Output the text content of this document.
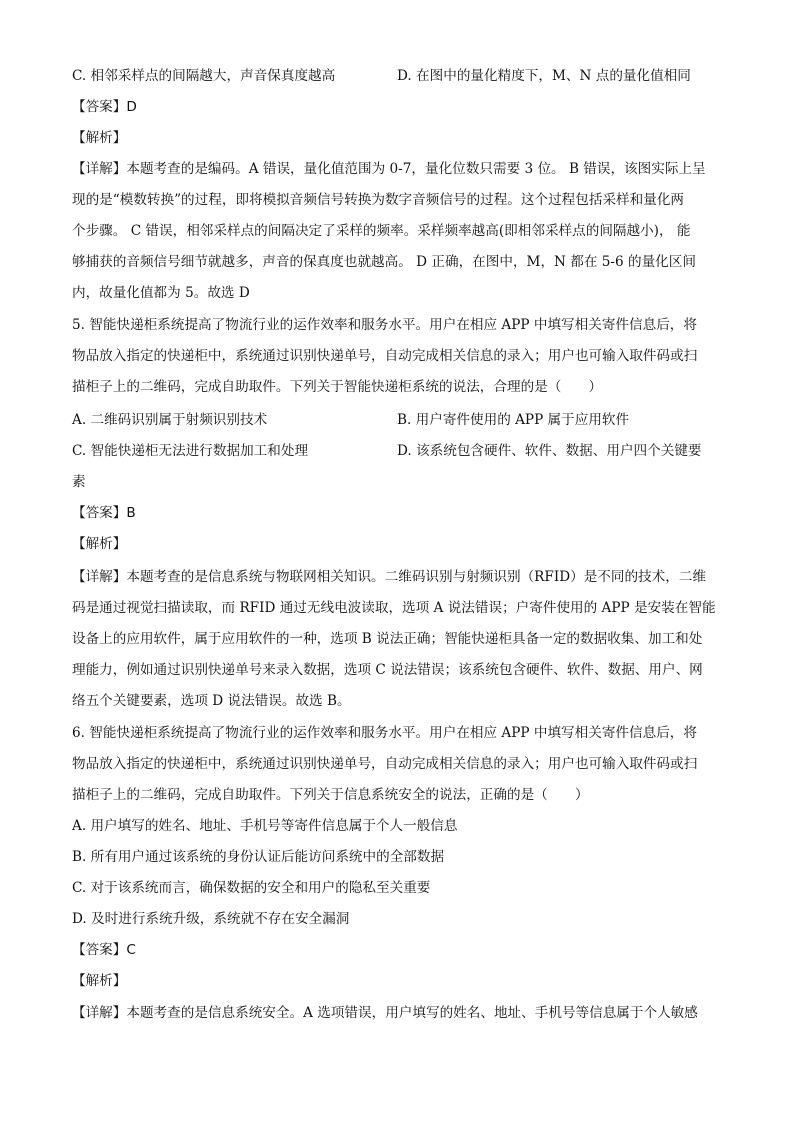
C. 相邻采样点的间隔越大，声音保真度越高	D. 在图中的量化精度下，M、N 点的量化值相同
【答案】D
【解析】
【详解】本题考查的是编码。A 错误，量化值范围为 0-7，量化位数只需要 3 位。 B 错误，该图实际上呈
现的是“模数转换”的过程，即将模拟音频信号转换为数字音频信号的过程。这个过程包括采样和量化两
个步骤。 C 错误，相邻采样点的间隔决定了采样的频率。采样频率越高(即相邻采样点的间隔越小)， 能
够捕获的音频信号细节就越多，声音的保真度也就越高。 D 正确，在图中，M，N 都在 5-6 的量化区间
内，故量化值都为 5。故选 D
5. 智能快递柜系统提高了物流行业的运作效率和服务水平。用户在相应 APP 中填写相关寄件信息后，将
物品放入指定的快递柜中，系统通过识别快递单号，自动完成相关信息的录入；用户也可输入取件码或扫
描柜子上的二维码，完成自助取件。下列关于智能快递柜系统的说法，合理的是（　　）
A. 二维码识别属于射频识别技术	B. 用户寄件使用的 APP 属于应用软件
C. 智能快递柜无法进行数据加工和处理	D. 该系统包含硬件、软件、数据、用户四个关键要
素
【答案】B
【解析】
【详解】本题考查的是信息系统与物联网相关知识。二维码识别与射频识别（RFID）是不同的技术，二维
码是通过视觉扫描读取，而 RFID 通过无线电波读取，选项 A 说法错误；户寄件使用的 APP 是安装在智能
设备上的应用软件，属于应用软件的一种，选项 B 说法正确；智能快递柜具备一定的数据收集、加工和处
理能力，例如通过识别快递单号来录入数据，选项 C 说法错误；该系统包含硬件、软件、数据、用户、网
络五个关键要素，选项 D 说法错误。故选 B。
6. 智能快递柜系统提高了物流行业的运作效率和服务水平。用户在相应 APP 中填写相关寄件信息后，将
物品放入指定的快递柜中，系统通过识别快递单号，自动完成相关信息的录入；用户也可输入取件码或扫
描柜子上的二维码，完成自助取件。下列关于信息系统安全的说法，正确的是（　　）
A. 用户填写的姓名、地址、手机号等寄件信息属于个人一般信息
B. 所有用户通过该系统的身份认证后能访问系统中的全部数据
C. 对于该系统而言，确保数据的安全和用户的隐私至关重要
D. 及时进行系统升级，系统就不存在安全漏洞
【答案】C
【解析】
【详解】本题考查的是信息系统安全。A 选项错误，用户填写的姓名、地址、手机号等信息属于个人敏感
